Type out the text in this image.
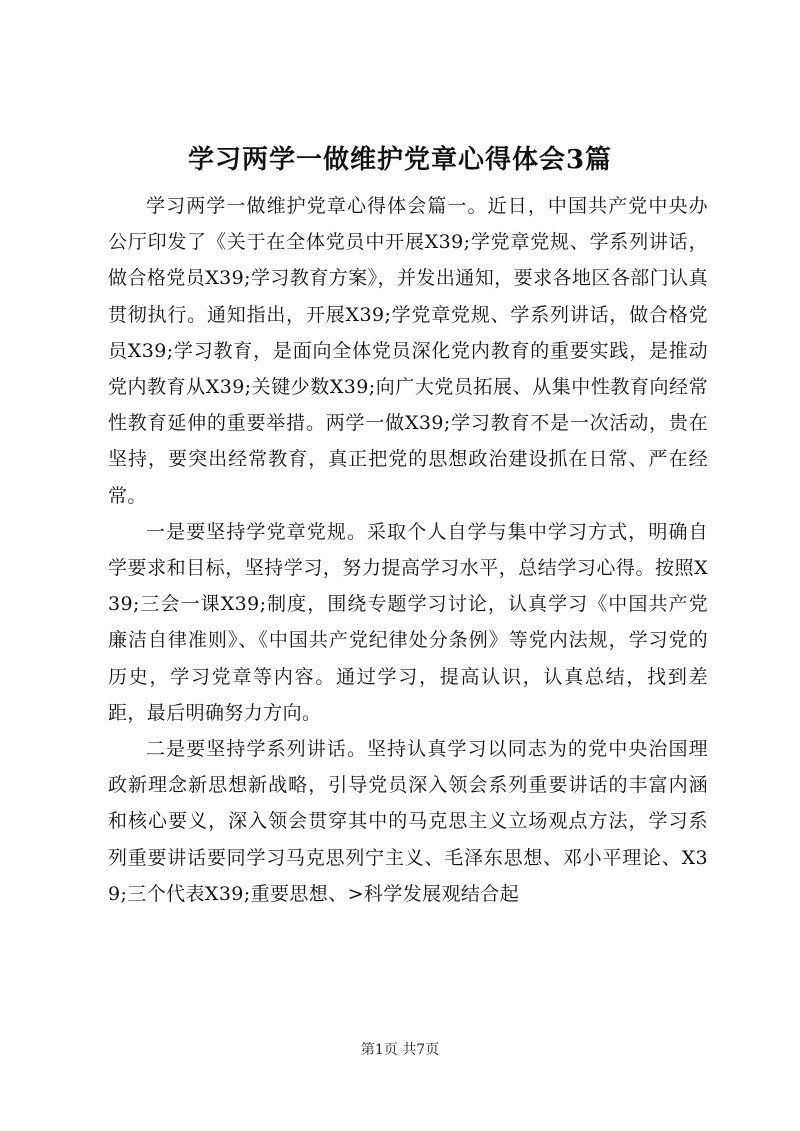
学习两学一做维护党章心得体会3篇

学习两学一做维护党章心得体会篇一。近日，中国共产党中央办公厅印发了《关于在全体党员中开展X39;学党章党规、学系列讲话，做合格党员X39;学习教育方案》，并发出通知，要求各地区各部门认真贯彻执行。通知指出，开展X39;学党章党规、学系列讲话，做合格党员X39;学习教育，是面向全体党员深化党内教育的重要实践，是推动党内教育从X39;关键少数X39;向广大党员拓展、从集中性教育向经常性教育延伸的重要举措。两学一做X39;学习教育不是一次活动，贵在坚持，要突出经常教育，真正把党的思想政治建设抓在日常、严在经常。

一是要坚持学党章党规。采取个人自学与集中学习方式，明确自学要求和目标，坚持学习，努力提高学习水平，总结学习心得。按照X39;三会一课X39;制度，围绕专题学习讨论，认真学习《中国共产党廉洁自律准则》、《中国共产党纪律处分条例》等党内法规，学习党的历史，学习党章等内容。通过学习，提高认识，认真总结，找到差距，最后明确努力方向。

二是要坚持学系列讲话。坚持认真学习以同志为的党中央治国理政新理念新思想新战略，引导党员深入领会系列重要讲话的丰富内涵和核心要义，深入领会贯穿其中的马克思主义立场观点方法，学习系列重要讲话要同学习马克思列宁主义、毛泽东思想、邓小平理论、X39;三个代表X39;重要思想、>科学发展观结合起

第1页 共7页
